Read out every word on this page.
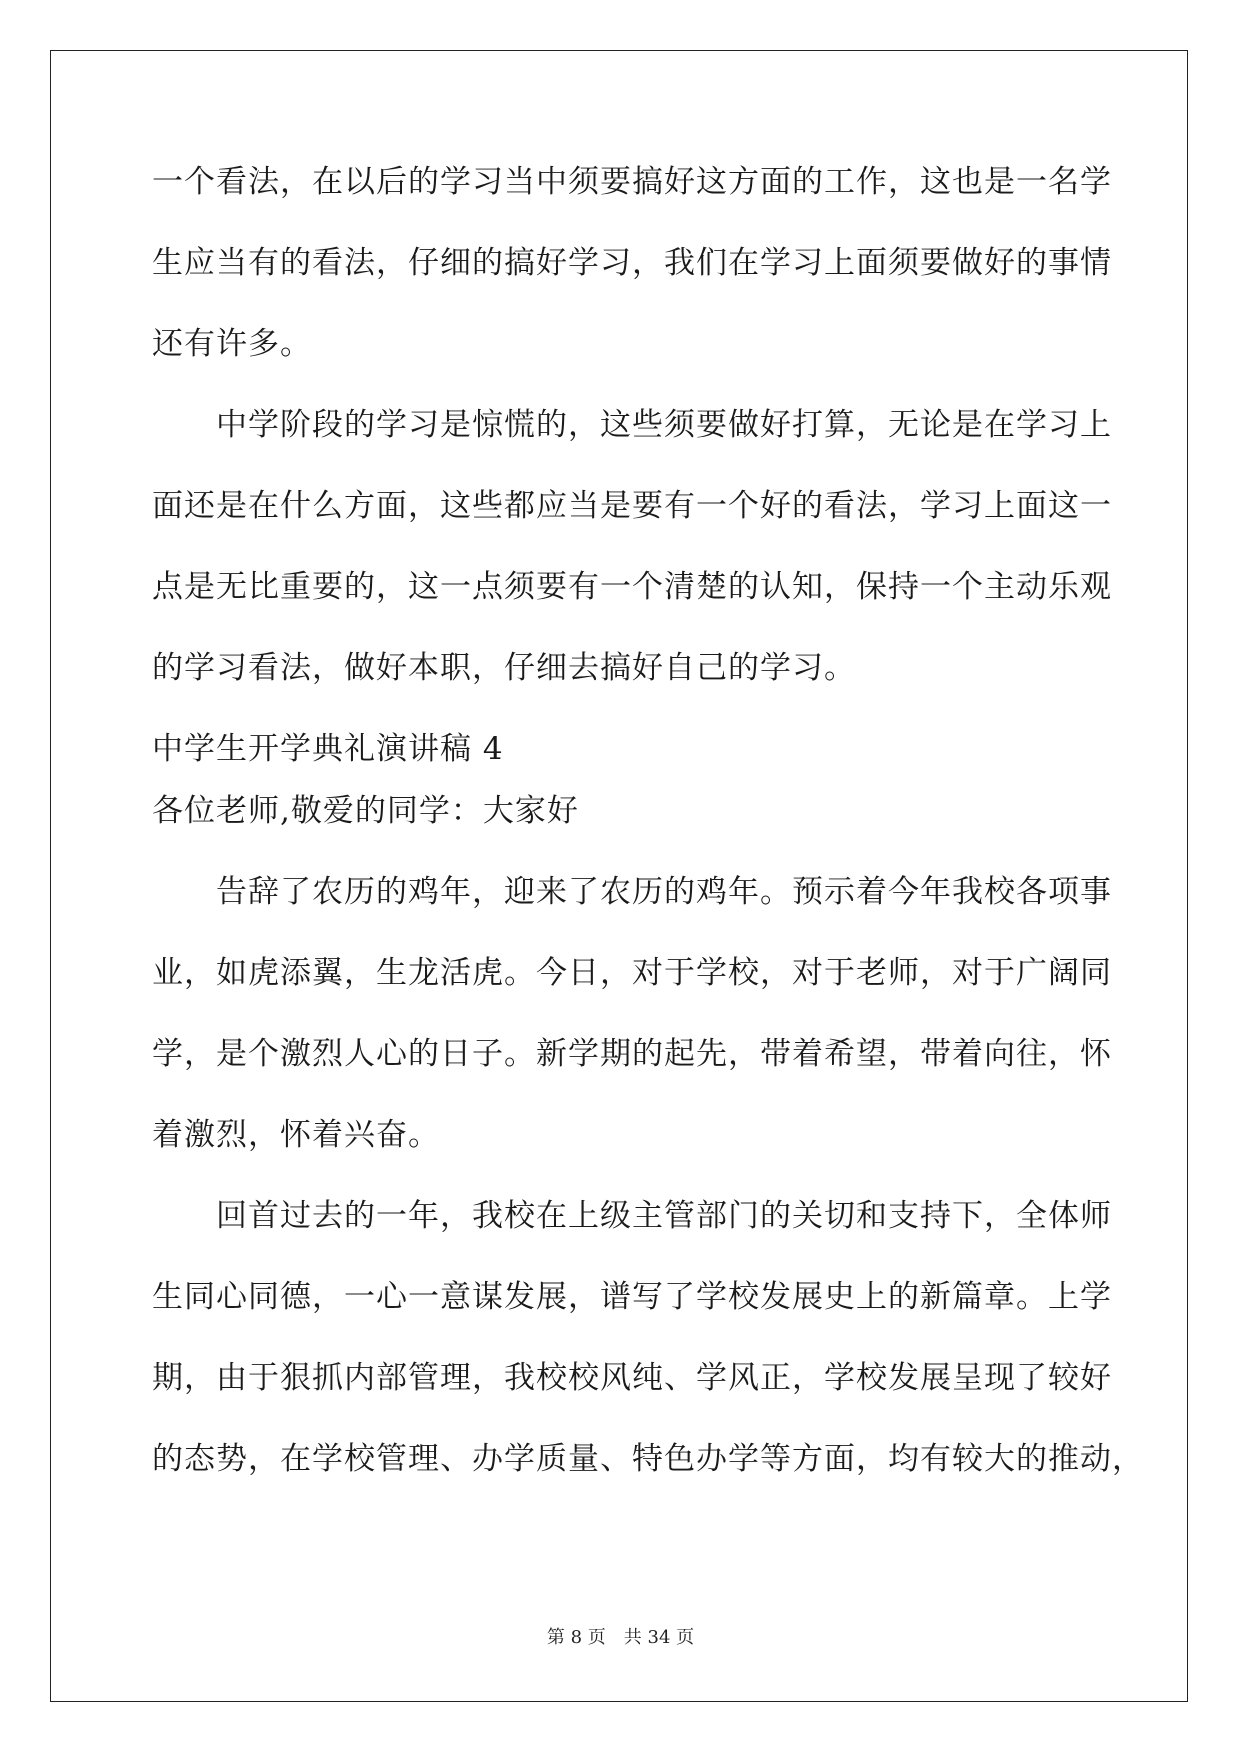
一个看法，在以后的学习当中须要搞好这方面的工作，这也是一名学
生应当有的看法，仔细的搞好学习，我们在学习上面须要做好的事情
还有许多。
　　中学阶段的学习是惊慌的，这些须要做好打算，无论是在学习上
面还是在什么方面，这些都应当是要有一个好的看法，学习上面这一
点是无比重要的，这一点须要有一个清楚的认知，保持一个主动乐观
的学习看法，做好本职，仔细去搞好自己的学习。
中学生开学典礼演讲稿 4
各位老师,敬爱的同学：大家好
　　告辞了农历的鸡年，迎来了农历的鸡年。预示着今年我校各项事
业，如虎添翼，生龙活虎。今日，对于学校，对于老师，对于广阔同
学，是个激烈人心的日子。新学期的起先，带着希望，带着向往，怀
着激烈，怀着兴奋。
　　回首过去的一年，我校在上级主管部门的关切和支持下，全体师
生同心同德，一心一意谋发展，谱写了学校发展史上的新篇章。上学
期，由于狠抓内部管理，我校校风纯、学风正，学校发展呈现了较好
的态势，在学校管理、办学质量、特色办学等方面，均有较大的推动，
第 8 页 共 34 页
